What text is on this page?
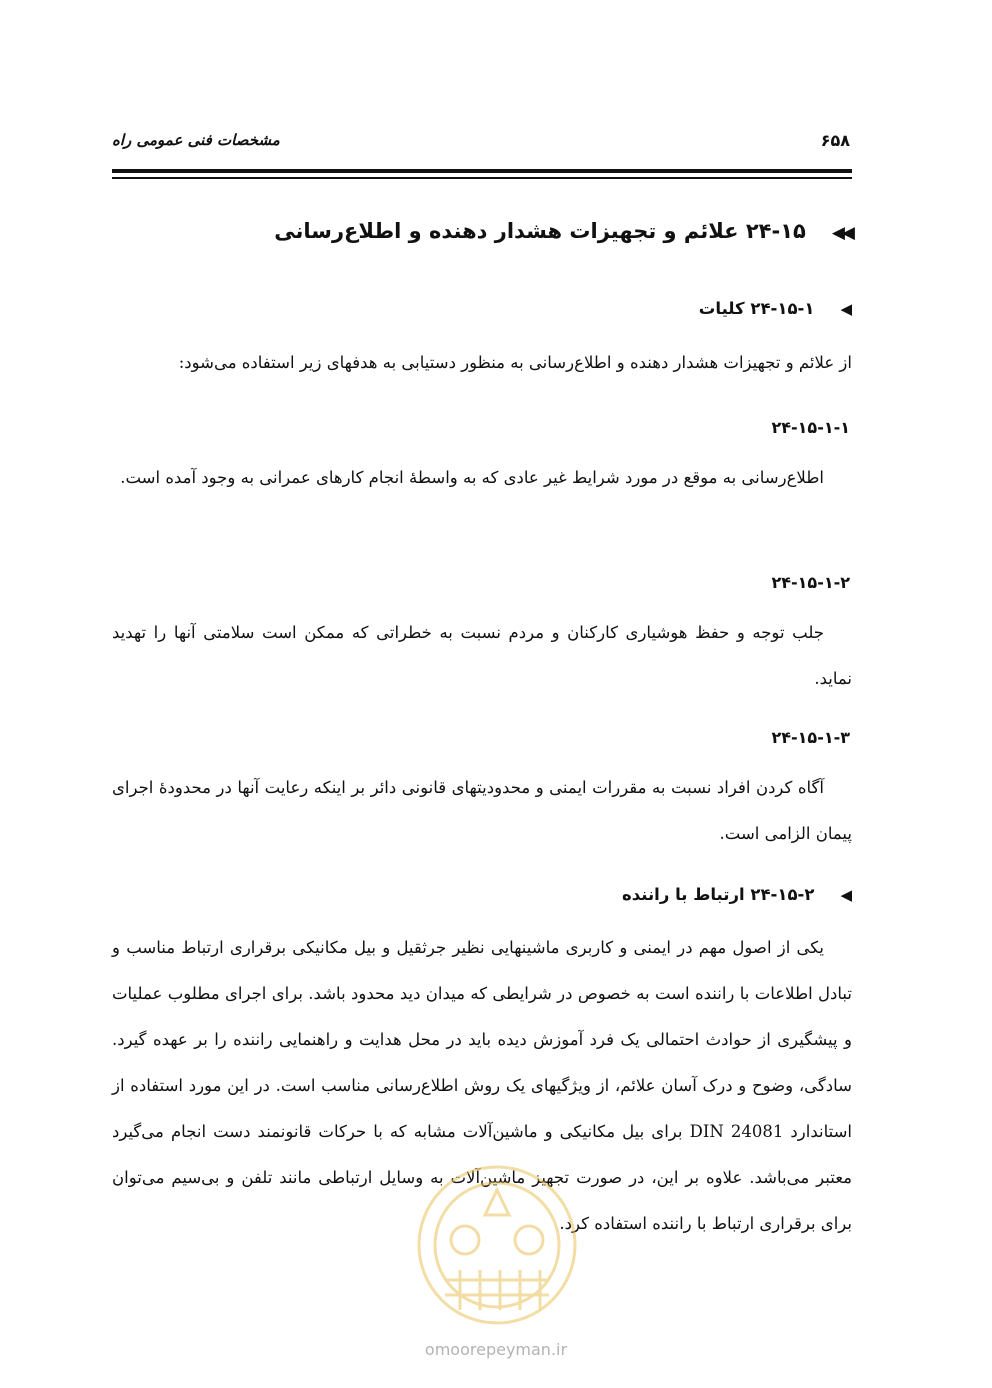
مشخصات فنی عمومی راه	۶۵۸
◀◀۲۴-۱۵ علائم و تجهیزات هشدار دهنده و اطلاع‌رسانی
◀۲۴-۱۵-۱ کلیات
از علائم و تجهیزات هشدار دهنده و اطلاع‌رسانی به منظور دستیابی به هدفهای زیر استفاده می‌شود:
۲۴-۱۵-۱-۱
اطلاع‌رسانی به موقع در مورد شرایط غیر عادی که به واسطهٔ انجام کارهای عمرانی به وجود آمده است.
۲۴-۱۵-۱-۲
جلب توجه و حفظ هوشیاری کارکنان و مردم نسبت به خطراتی که ممکن است سلامتی آنها را تهدید نماید.
۲۴-۱۵-۱-۳
آگاه کردن افراد نسبت به مقررات ایمنی و محدودیتهای قانونی دائر بر اینکه رعایت آنها در محدودهٔ اجرای پیمان الزامی است.
◀۲۴-۱۵-۲ ارتباط با راننده
یکی از اصول مهم در ایمنی و کاربری ماشینهایی نظیر جرثقیل و بیل مکانیکی برقراری ارتباط مناسب و تبادل اطلاعات با راننده است به خصوص در شرایطی که میدان دید محدود باشد. برای اجرای مطلوب عملیات و پیشگیری از حوادث احتمالی یک فرد آموزش دیده باید در محل هدایت و راهنمایی راننده را بر عهده گیرد. سادگی، وضوح و درک آسان علائم، از ویژگیهای یک روش اطلاع‌رسانی مناسب است. در این مورد استفاده از استاندارد DIN 24081 برای بیل مکانیکی و ماشین‌آلات مشابه که با حرکات قانونمند دست انجام می‌گیرد معتبر می‌باشد. علاوه بر این، در صورت تجهیز ماشین‌آلات به وسایل ارتباطی مانند تلفن و بی‌سیم می‌توان برای برقراری ارتباط با راننده استفاده کرد.
omoorepeyman.ir
